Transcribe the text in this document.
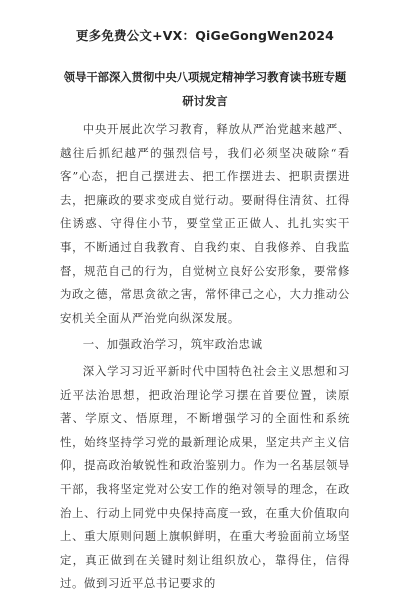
更多免费公文+VX：QiGeGongWen2024
领导干部深入贯彻中央八项规定精神学习教育读书班专题
研讨发言

中央开展此次学习教育，释放从严治党越来越严、越往后抓纪越严的强烈信号，我们必须坚决破除“看客”心态，把自己摆进去、把工作摆进去、把职责摆进去，把廉政的要求变成自觉行动。要耐得住清贫、扛得住诱惑、守得住小节，要堂堂正正做人、扎扎实实干事，不断通过自我教育、自我约束、自我修养、自我监督，规范自己的行为，自觉树立良好公安形象，要常修为政之德，常思贪欲之害，常怀律己之心，大力推动公安机关全面从严治党向纵深发展。

一、加强政治学习，筑牢政治忠诚

深入学习习近平新时代中国特色社会主义思想和习近平法治思想，把政治理论学习摆在首要位置，读原著、学原文、悟原理，不断增强学习的全面性和系统性，始终坚持学习党的最新理论成果，坚定共产主义信仰，提高政治敏锐性和政治鉴别力。作为一名基层领导干部，我将坚定党对公安工作的绝对领导的理念，在政治上、行动上同党中央保持高度一致，在重大价值取向上、重大原则问题上旗帜鲜明，在重大考验面前立场坚定，真正做到在关键时刻让组织放心，靠得住，信得过。做到习近平总书记要求的
